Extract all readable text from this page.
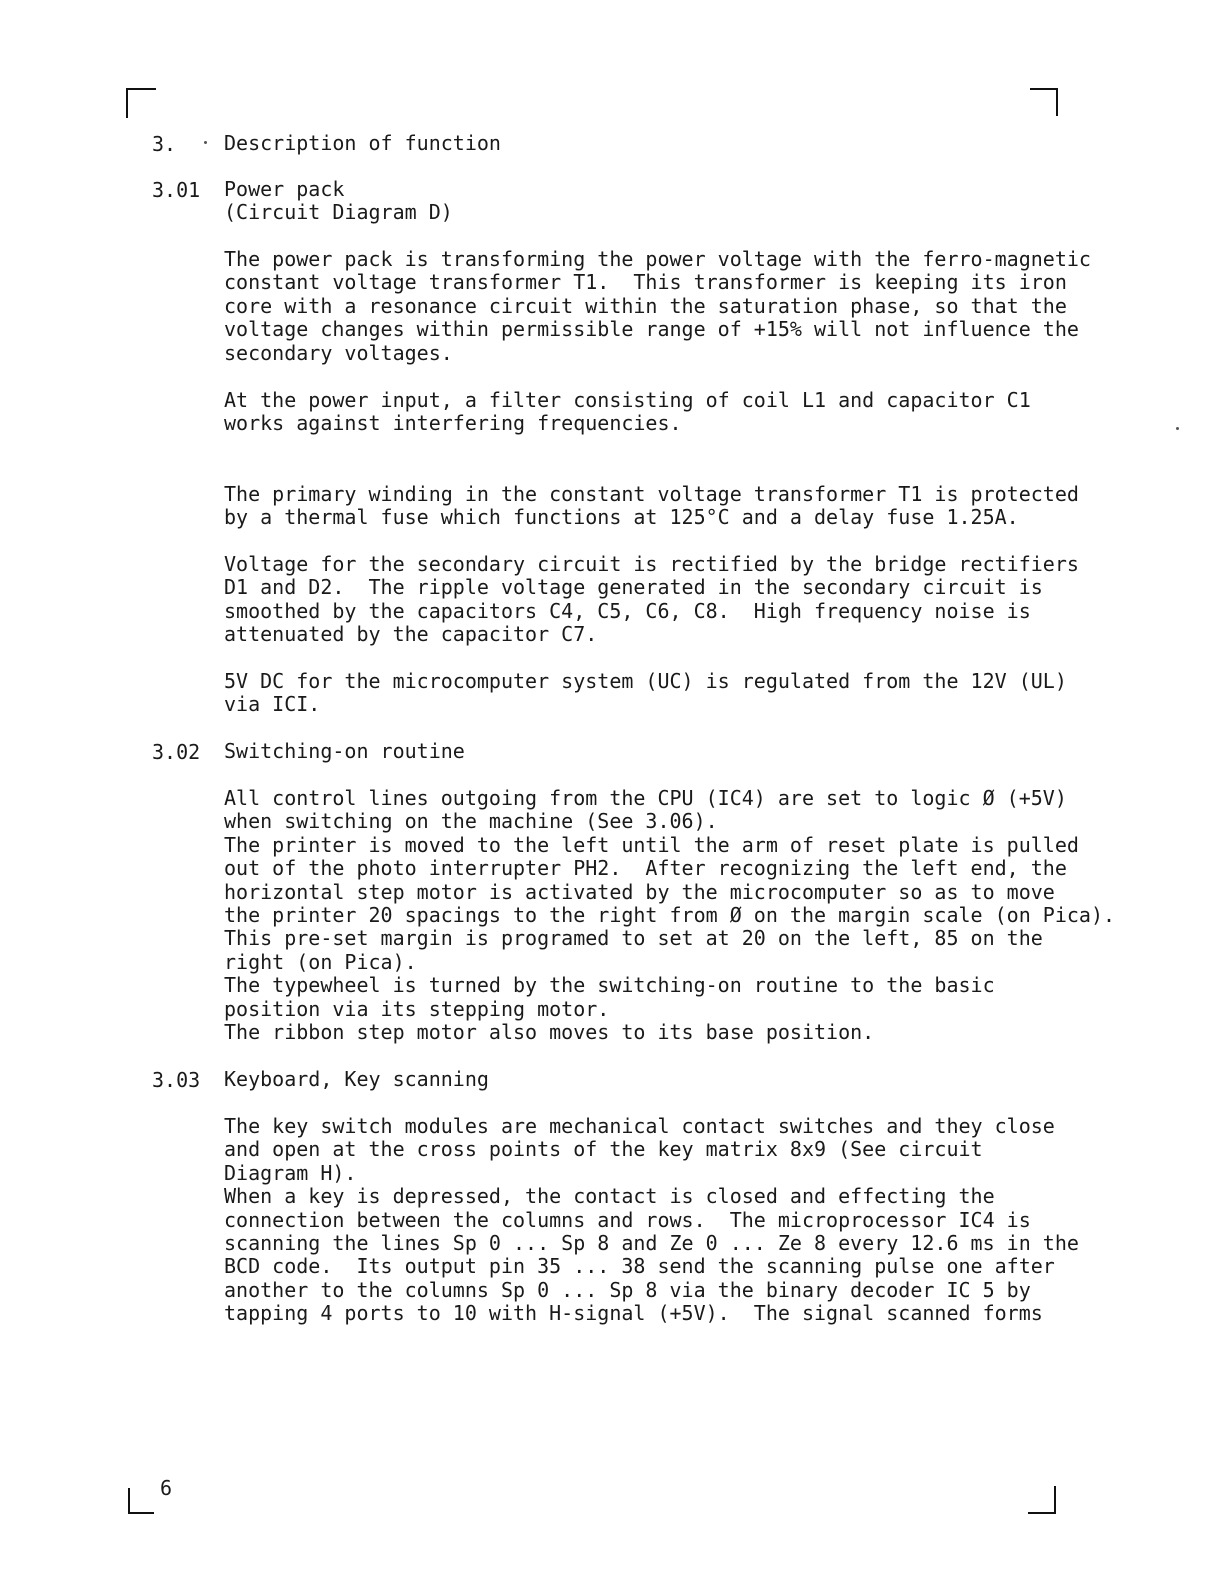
3. Description of function
3.01 Power pack
(Circuit Diagram D)
The power pack is transforming the power voltage with the ferro-magnetic
constant voltage transformer T1.  This transformer is keeping its iron
core with a resonance circuit within the saturation phase, so that the
voltage changes within permissible range of +15% will not influence the
secondary voltages.
At the power input, a filter consisting of coil L1 and capacitor C1
works against interfering frequencies.
The primary winding in the constant voltage transformer T1 is protected
by a thermal fuse which functions at 125°C and a delay fuse 1.25A.
Voltage for the secondary circuit is rectified by the bridge rectifiers
D1 and D2.  The ripple voltage generated in the secondary circuit is
smoothed by the capacitors C4, C5, C6, C8.  High frequency noise is
attenuated by the capacitor C7.
5V DC for the microcomputer system (UC) is regulated from the 12V (UL)
via ICI.
3.02 Switching-on routine
All control lines outgoing from the CPU (IC4) are set to logic Ø (+5V)
when switching on the machine (See 3.06).
The printer is moved to the left until the arm of reset plate is pulled
out of the photo interrupter PH2.  After recognizing the left end, the
horizontal step motor is activated by the microcomputer so as to move
the printer 20 spacings to the right from Ø on the margin scale (on Pica).
This pre-set margin is programed to set at 20 on the left, 85 on the
right (on Pica).
The typewheel is turned by the switching-on routine to the basic
position via its stepping motor.
The ribbon step motor also moves to its base position.
3.03 Keyboard, Key scanning
The key switch modules are mechanical contact switches and they close
and open at the cross points of the key matrix 8x9 (See circuit
Diagram H).
When a key is depressed, the contact is closed and effecting the
connection between the columns and rows.  The microprocessor IC4 is
scanning the lines Sp 0 ... Sp 8 and Ze 0 ... Ze 8 every 12.6 ms in the
BCD code.  Its output pin 35 ... 38 send the scanning pulse one after
another to the columns Sp 0 ... Sp 8 via the binary decoder IC 5 by
tapping 4 ports to 10 with H-signal (+5V).  The signal scanned forms
6
